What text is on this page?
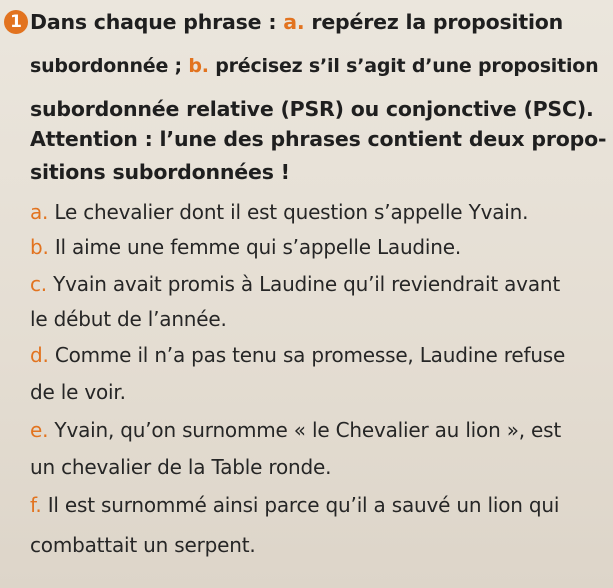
1 Dans chaque phrase : a. repérez la proposition
subordonnée ; b. précisez s’il s’agit d’une proposition
subordonnée relative (PSR) ou conjonctive (PSC).
Attention : l’une des phrases contient deux propo-
sitions subordonnées !
a. Le chevalier dont il est question s’appelle Yvain.
b. Il aime une femme qui s’appelle Laudine.
c. Yvain avait promis à Laudine qu’il reviendrait avant
le début de l’année.
d. Comme il n’a pas tenu sa promesse, Laudine refuse
de le voir.
e. Yvain, qu’on surnomme « le Chevalier au lion », est
un chevalier de la Table ronde.
f. Il est surnommé ainsi parce qu’il a sauvé un lion qui
combattait un serpent.
